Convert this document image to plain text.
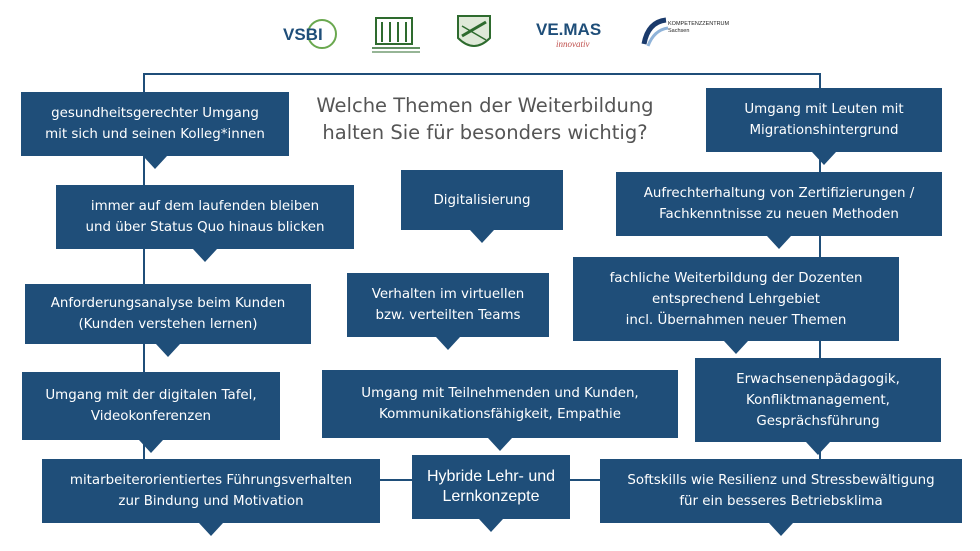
VSBI	VE.MAS
innovativ
KOMPETENZZENTRUM
Sachsen
Welche Themen der Weiterbildung
halten Sie für besonders wichtig?
gesundheitsgerechter Umgang
mit sich und seinen Kolleg*innen
immer auf dem laufenden bleiben
und über Status Quo hinaus blicken
Anforderungsanalyse beim Kunden
(Kunden verstehen lernen)
Umgang mit der digitalen Tafel,
Videokonferenzen
mitarbeiterorientiertes Führungsverhalten
zur Bindung und Motivation
Digitalisierung
Verhalten im virtuellen
bzw. verteilten Teams
Umgang mit Teilnehmenden und Kunden,
Kommunikationsfähigkeit, Empathie
Hybride Lehr- und
Lernkonzepte
Umgang mit Leuten mit
Migrationshintergrund
Aufrechterhaltung von Zertifizierungen /
Fachkenntnisse zu neuen Methoden
fachliche Weiterbildung der Dozenten
entsprechend Lehrgebiet
incl. Übernahmen neuer Themen
Erwachsenenpädagogik,
Konfliktmanagement,
Gesprächsführung
Softskills wie Resilienz und Stressbewältigung
für ein besseres Betriebsklima
